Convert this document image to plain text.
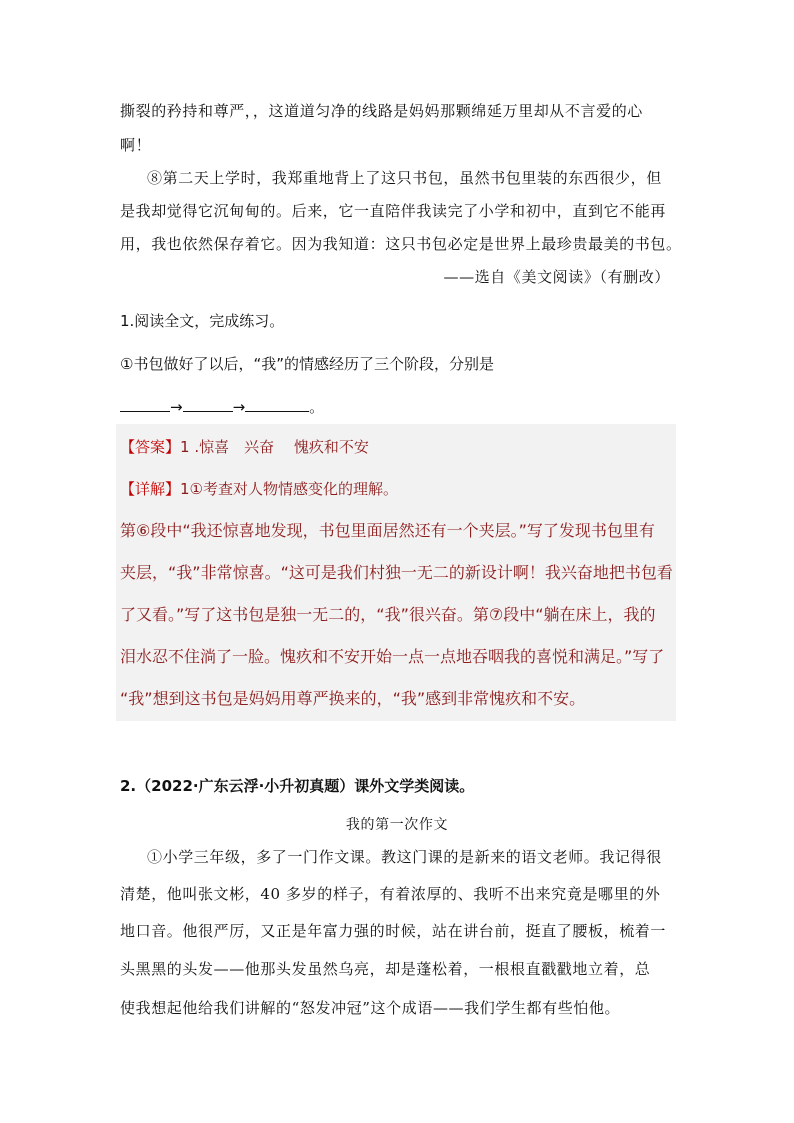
撕裂的矜持和尊严，，这道道匀净的线路是妈妈那颗绵延万里却从不言爱的心
啊！
⑧第二天上学时，我郑重地背上了这只书包，虽然书包里装的东西很少，但
是我却觉得它沉甸甸的。后来，它一直陪伴我读完了小学和初中，直到它不能再
用，我也依然保存着它。因为我知道：这只书包必定是世界上最珍贵最美的书包。
——选自《美文阅读》（有删改）
1.阅读全文，完成练习。
①书包做好了以后，“我”的情感经历了三个阶段，分别是
→	→	。
【答案】1 .惊喜　兴奋　 愧疚和不安
【详解】1①考查对人物情感变化的理解。
第⑥段中“我还惊喜地发现，书包里面居然还有一个夹层。”写了发现书包里有
夹层，“我”非常惊喜。“这可是我们村独一无二的新设计啊！我兴奋地把书包看
了又看。”写了这书包是独一无二的，“我”很兴奋。第⑦段中“躺在床上，我的
泪水忍不住淌了一脸。愧疚和不安开始一点一点地吞咽我的喜悦和满足。”写了
“我”想到这书包是妈妈用尊严换来的，“我”感到非常愧疚和不安。
2.（2022·广东云浮·小升初真题）课外文学类阅读。
我的第一次作文
①小学三年级，多了一门作文课。教这门课的是新来的语文老师。我记得很
清楚，他叫张文彬，40 多岁的样子，有着浓厚的、我听不出来究竟是哪里的外
地口音。他很严厉，又正是年富力强的时候，站在讲台前，挺直了腰板，梳着一
头黑黑的头发——他那头发虽然乌亮，却是蓬松着，一根根直戳戳地立着，总
使我想起他给我们讲解的“怒发冲冠”这个成语——我们学生都有些怕他。
